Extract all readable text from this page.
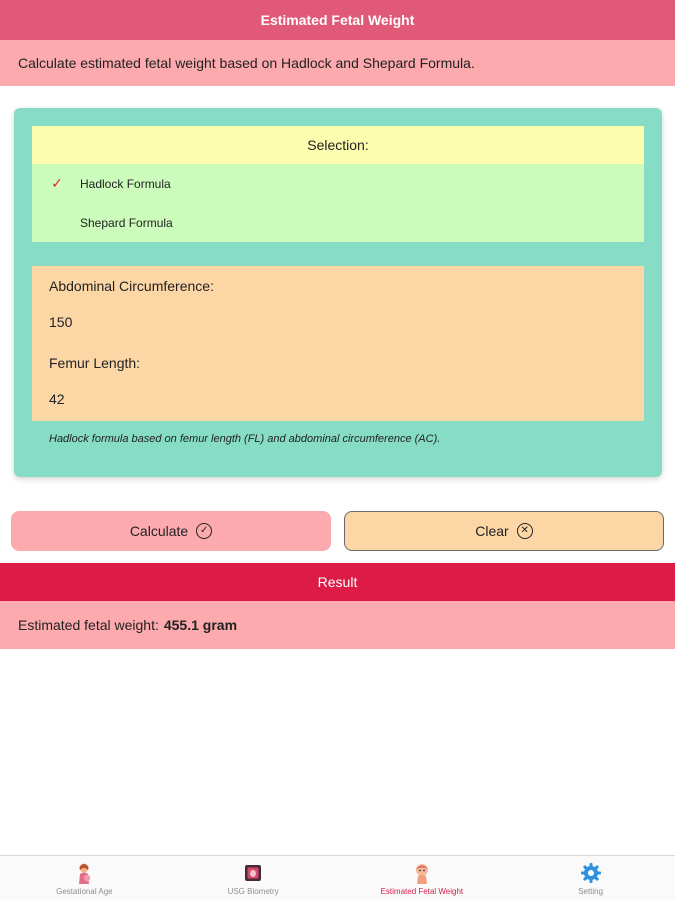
Estimated Fetal Weight
Calculate estimated fetal weight based on Hadlock and Shepard Formula.
Selection:
✓	Hadlock Formula
Shepard Formula
Abdominal Circumference:
150
Femur Length:
42
Hadlock formula based on femur length (FL) and abdominal circumference (AC).
Calculate	✓	Clear	✕
Result
Estimated fetal weight: 455.1 gram
Gestational Age	USG Biometry	Estimated Fetal Weight	Setting
